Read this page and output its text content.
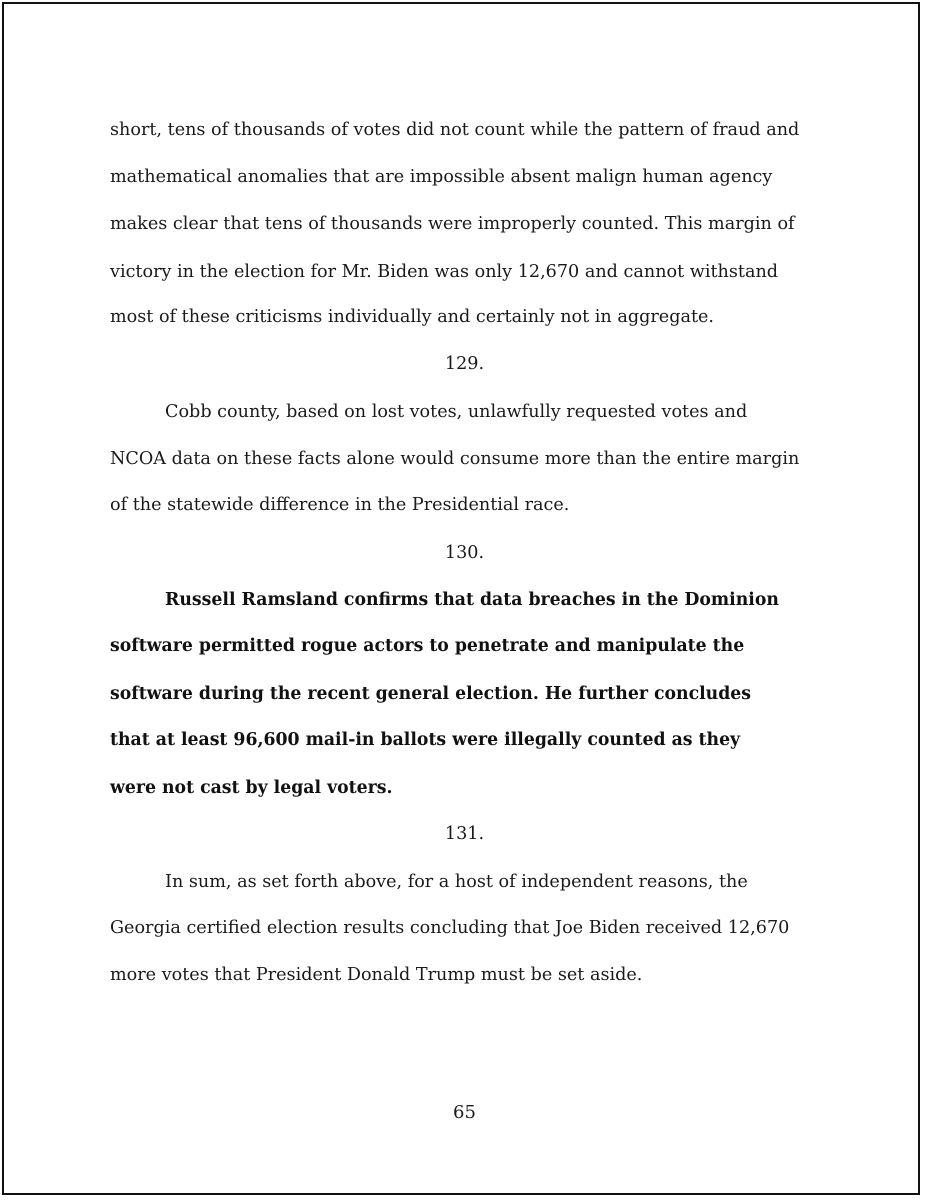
short, tens of thousands of votes did not count while the pattern of fraud and

mathematical anomalies that are impossible absent malign human agency

makes clear that tens of thousands were improperly counted. This margin of

victory in the election for Mr. Biden was only 12,670 and cannot withstand

most of these criticisms individually and certainly not in aggregate.

129.

Cobb county, based on lost votes, unlawfully requested votes and

NCOA data on these facts alone would consume more than the entire margin

of the statewide difference in the Presidential race.

130.

Russell Ramsland confirms that data breaches in the Dominion

software permitted rogue actors to penetrate and manipulate the

software during the recent general election. He further concludes

that at least 96,600 mail-in ballots were illegally counted as they

were not cast by legal voters.

131.

In sum, as set forth above, for a host of independent reasons, the

Georgia certified election results concluding that Joe Biden received 12,670

more votes that President Donald Trump must be set aside.

65
